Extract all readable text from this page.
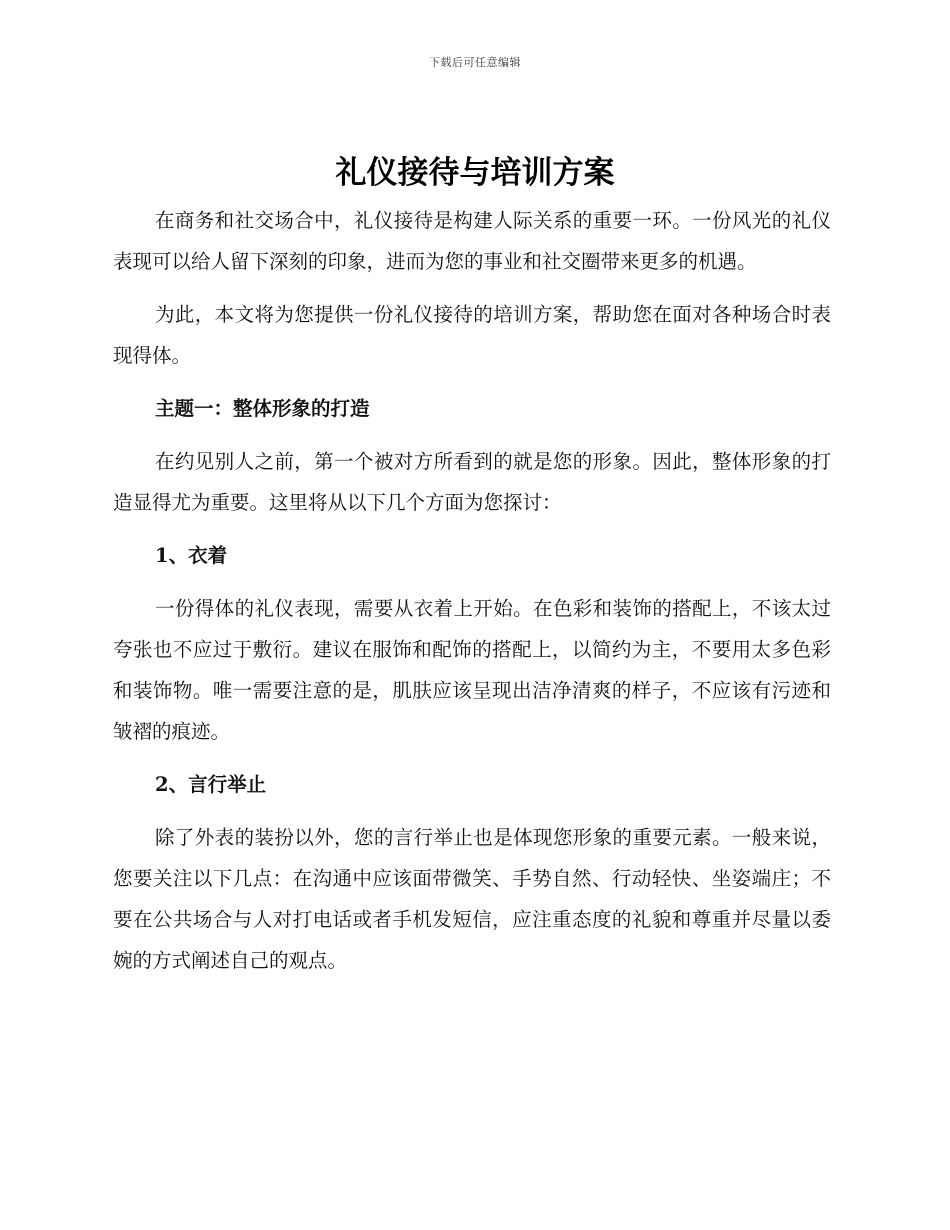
下载后可任意编辑
礼仪接待与培训方案

在商务和社交场合中，礼仪接待是构建人际关系的重要一环。一份风光的礼仪表现可以给人留下深刻的印象，进而为您的事业和社交圈带来更多的机遇。

为此，本文将为您提供一份礼仪接待的培训方案，帮助您在面对各种场合时表现得体。

主题一：整体形象的打造

在约见别人之前，第一个被对方所看到的就是您的形象。因此，整体形象的打造显得尤为重要。这里将从以下几个方面为您探讨：

1、衣着

一份得体的礼仪表现，需要从衣着上开始。在色彩和装饰的搭配上，不该太过夸张也不应过于敷衍。建议在服饰和配饰的搭配上，以简约为主，不要用太多色彩和装饰物。唯一需要注意的是，肌肤应该呈现出洁净清爽的样子，不应该有污迹和皱褶的痕迹。

2、言行举止

除了外表的装扮以外，您的言行举止也是体现您形象的重要元素。一般来说，您要关注以下几点：在沟通中应该面带微笑、手势自然、行动轻快、坐姿端庄；不要在公共场合与人对打电话或者手机发短信，应注重态度的礼貌和尊重并尽量以委婉的方式阐述自己的观点。
